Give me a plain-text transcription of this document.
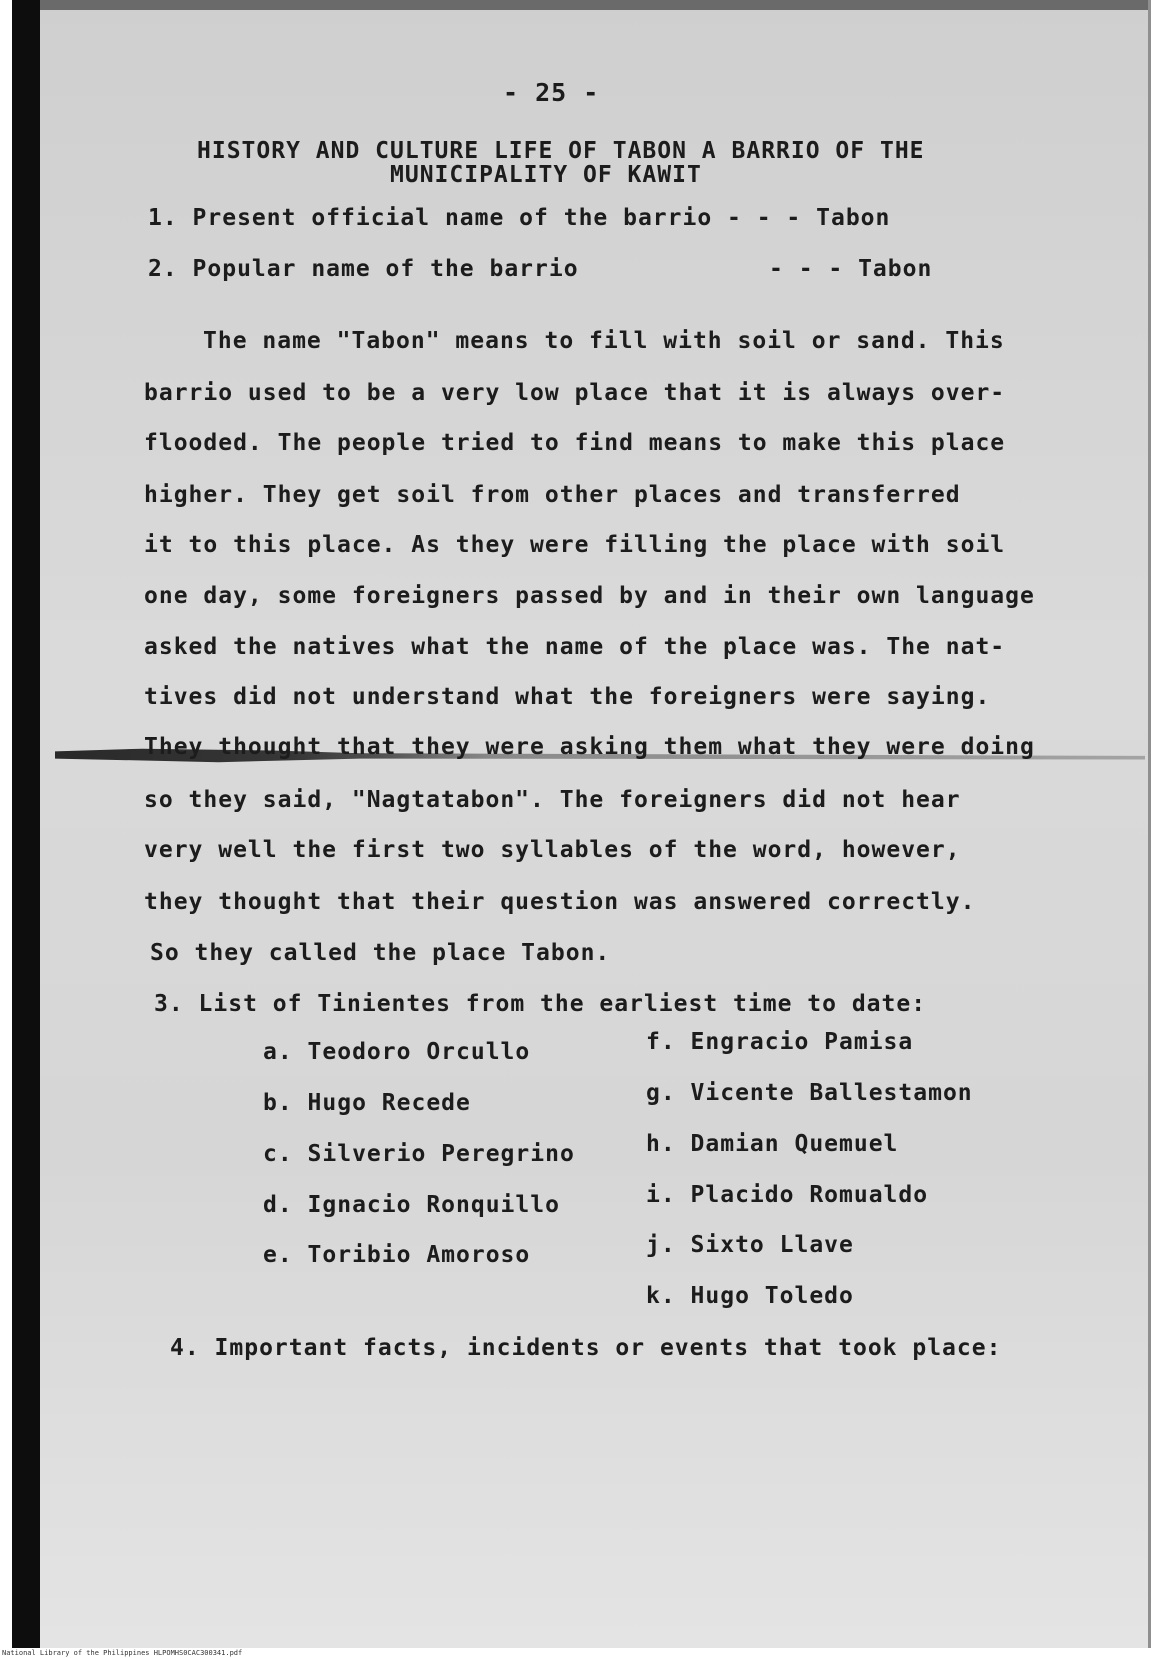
- 25 -
HISTORY AND CULTURE LIFE OF TABON A BARRIO OF THE
MUNICIPALITY OF KAWIT
1. Present official name of the barrio - - - Tabon
2. Popular name of the barrio	- - - Tabon
The name "Tabon" means to fill with soil or sand. This
barrio used to be a very low place that it is always over-
flooded. The people tried to find means to make this place
higher. They get soil from other places and transferred
it to this place. As they were filling the place with soil
one day, some foreigners passed by and in their own language
asked the natives what the name of the place was. The nat-
tives did not understand what the foreigners were saying.
They thought that they were asking them what they were doing
so they said, "Nagtatabon". The foreigners did not hear
very well the first two syllables of the word, however,
they thought that their question was answered correctly.
So they called the place Tabon.
3. List of Tinientes from the earliest time to date:
a. Teodoro Orcullo
b. Hugo Recede
c. Silverio Peregrino
d. Ignacio Ronquillo
e. Toribio Amoroso
f. Engracio Pamisa
g. Vicente Ballestamon
h. Damian Quemuel
i. Placido Romualdo
j. Sixto Llave
k. Hugo Toledo
4. Important facts, incidents or events that took place:
National Library of the Philippines HLPOMHS0CAC300341.pdf
